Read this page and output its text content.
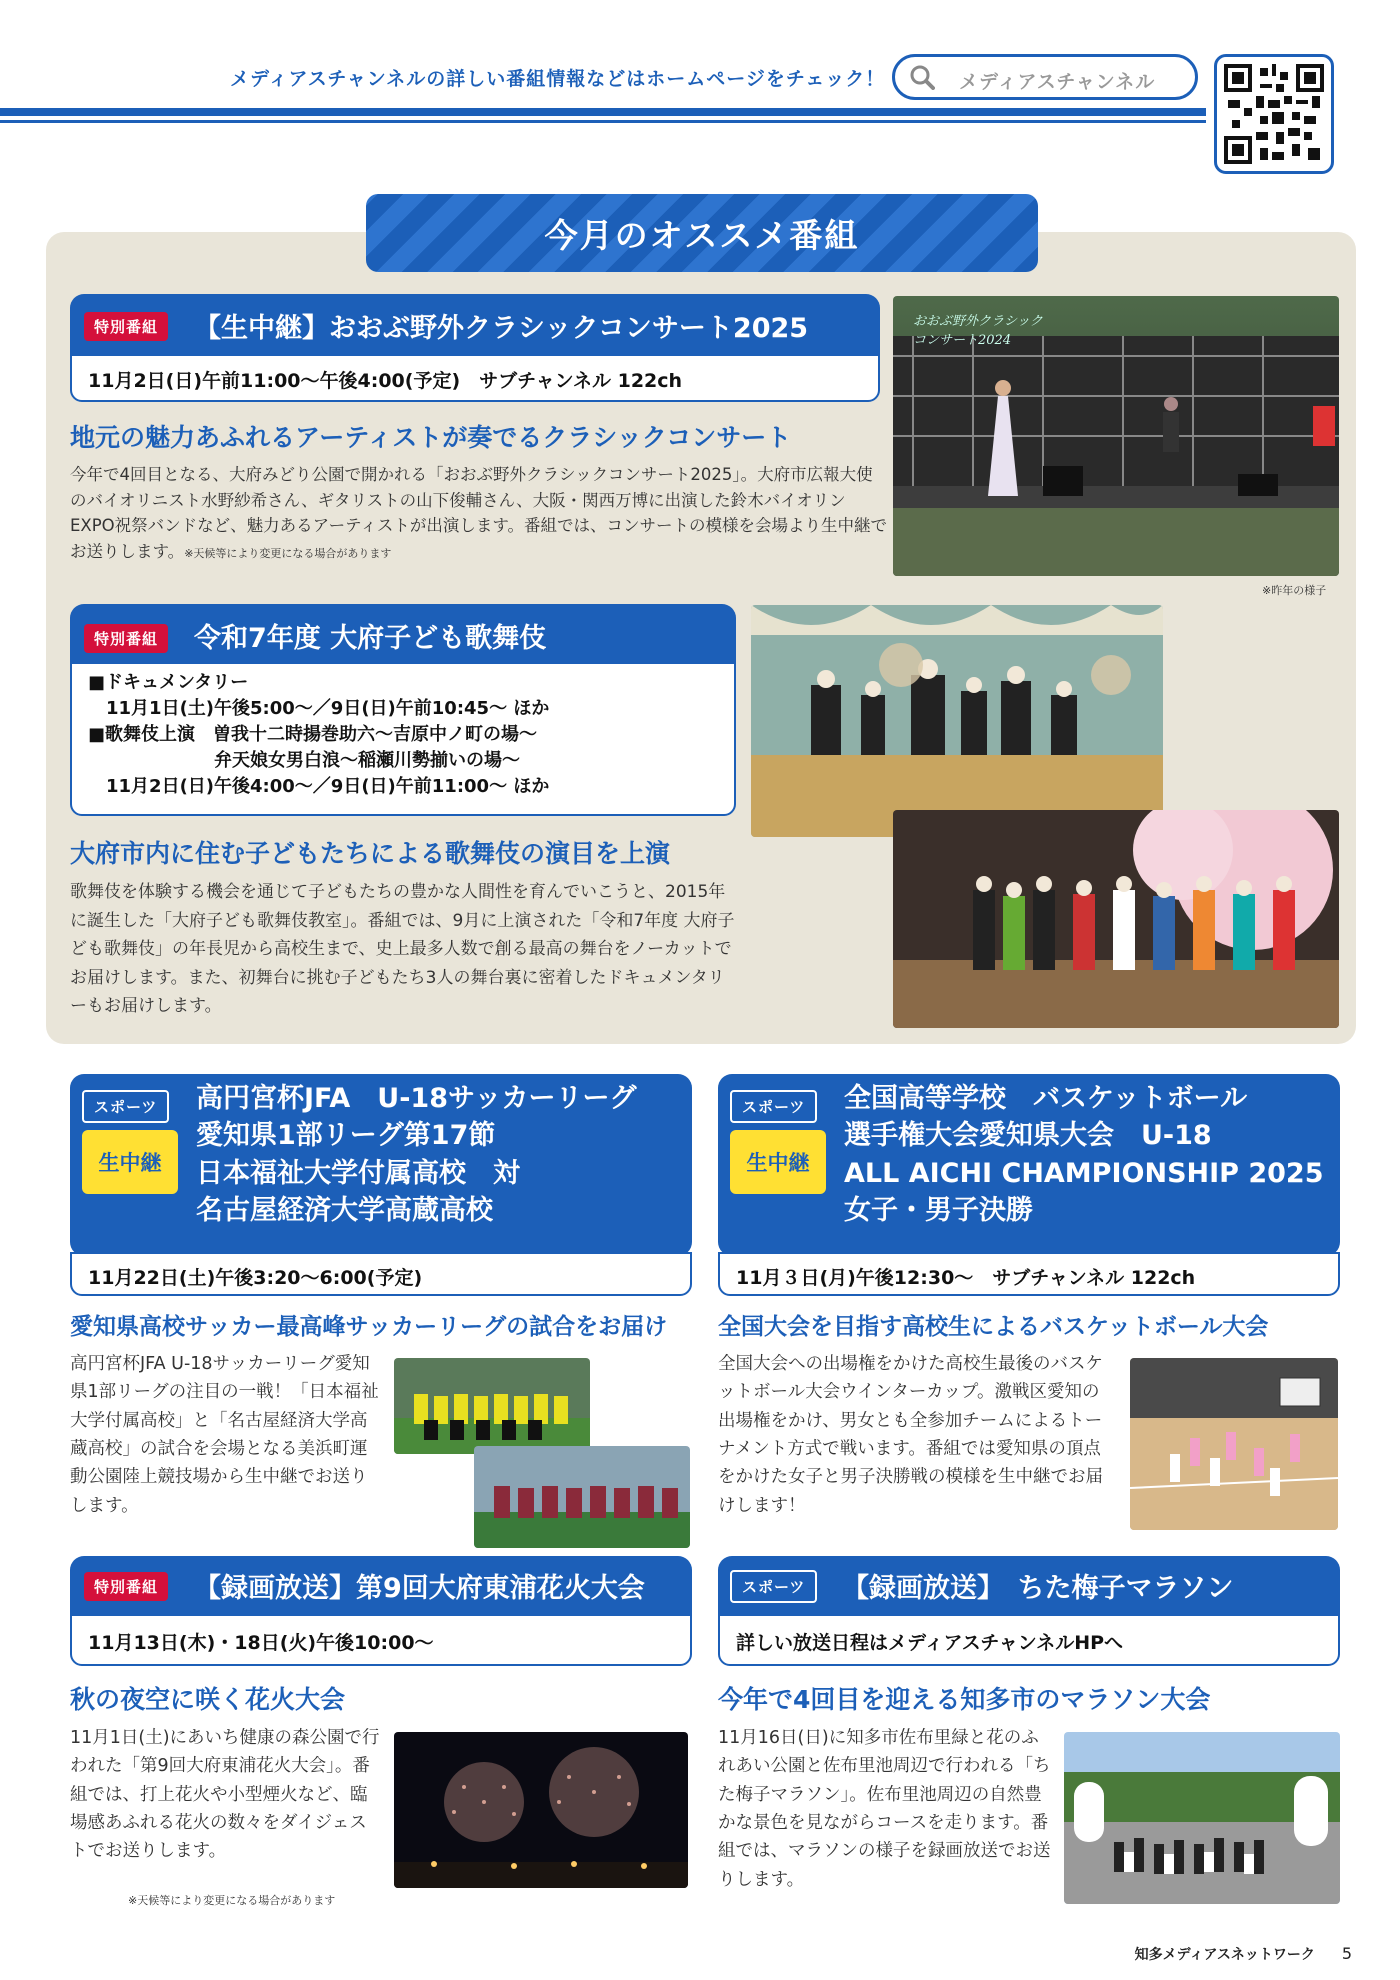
メディアスチャンネルの詳しい番組情報などはホームページをチェック！	メディアスチャンネル
今月のオススメ番組
特別番組	【生中継】おおぶ野外クラシックコンサート2025
11月2日(日)午前11:00〜午後4:00(予定)　サブチャンネル 122ch
地元の魅力あふれるアーティストが奏でるクラシックコンサート
今年で4回目となる、大府みどり公園で開かれる「おおぶ野外クラシックコンサート2025」。大府市広報大使のバイオリニスト水野紗希さん、ギタリストの山下俊輔さん、大阪・関西万博に出演した鈴木バイオリンEXPO祝祭バンドなど、魅力あるアーティストが出演します。番組では、コンサートの模様を会場より生中継でお送りします。※天候等により変更になる場合があります
おおぶ野外クラシック
コンサート2024
※昨年の様子
特別番組	令和7年度 大府子ども歌舞伎
■ドキュメンタリー
　11月1日(土)午後5:00〜／9日(日)午前10:45〜 ほか
■歌舞伎上演　曽我十二時揚巻助六〜吉原中ノ町の場〜
　　　　　　　弁天娘女男白浪〜稲瀬川勢揃いの場〜
　11月2日(日)午後4:00〜／9日(日)午前11:00〜 ほか
大府市内に住む子どもたちによる歌舞伎の演目を上演
歌舞伎を体験する機会を通じて子どもたちの豊かな人間性を育んでいこうと、2015年に誕生した「大府子ども歌舞伎教室」。番組では、9月に上演された「令和7年度 大府子ども歌舞伎」の年長児から高校生まで、史上最多人数で創る最高の舞台をノーカットでお届けします。また、初舞台に挑む子どもたち3人の舞台裏に密着したドキュメンタリーもお届けします。
スポーツ
生中継
高円宮杯JFA　U-18サッカーリーグ
愛知県1部リーグ第17節
日本福祉大学付属高校　対
名古屋経済大学高蔵高校
11月22日(土)午後3:20〜6:00(予定)
愛知県高校サッカー最高峰サッカーリーグの試合をお届け
高円宮杯JFA U-18サッカーリーグ愛知県1部リーグの注目の一戦！「日本福祉大学付属高校」と「名古屋経済大学高蔵高校」の試合を会場となる美浜町運動公園陸上競技場から生中継でお送りします。
スポーツ
生中継
全国高等学校　バスケットボール
選手権大会愛知県大会　U-18
ALL AICHI CHAMPIONSHIP 2025
女子・男子決勝
11月３日(月)午後12:30〜　サブチャンネル 122ch
全国大会を目指す高校生によるバスケットボール大会
全国大会への出場権をかけた高校生最後のバスケットボール大会ウインターカップ。激戦区愛知の出場権をかけ、男女とも全参加チームによるトーナメント方式で戦います。番組では愛知県の頂点をかけた女子と男子決勝戦の模様を生中継でお届けします！
特別番組	【録画放送】第9回大府東浦花火大会
11月13日(木)・18日(火)午後10:00〜
秋の夜空に咲く花火大会
11月1日(土)にあいち健康の森公園で行われた「第9回大府東浦花火大会」。番組では、打上花火や小型煙火など、臨場感あふれる花火の数々をダイジェストでお送りします。
※天候等により変更になる場合があります
スポーツ	【録画放送】　ちた梅子マラソン
詳しい放送日程はメディアスチャンネルHPへ
今年で4回目を迎える知多市のマラソン大会
11月16日(日)に知多市佐布里緑と花のふれあい公園と佐布里池周辺で行われる「ちた梅子マラソン」。佐布里池周辺の自然豊かな景色を見ながらコースを走ります。番組では、マラソンの様子を録画放送でお送りします。
知多メディアスネットワーク 5
